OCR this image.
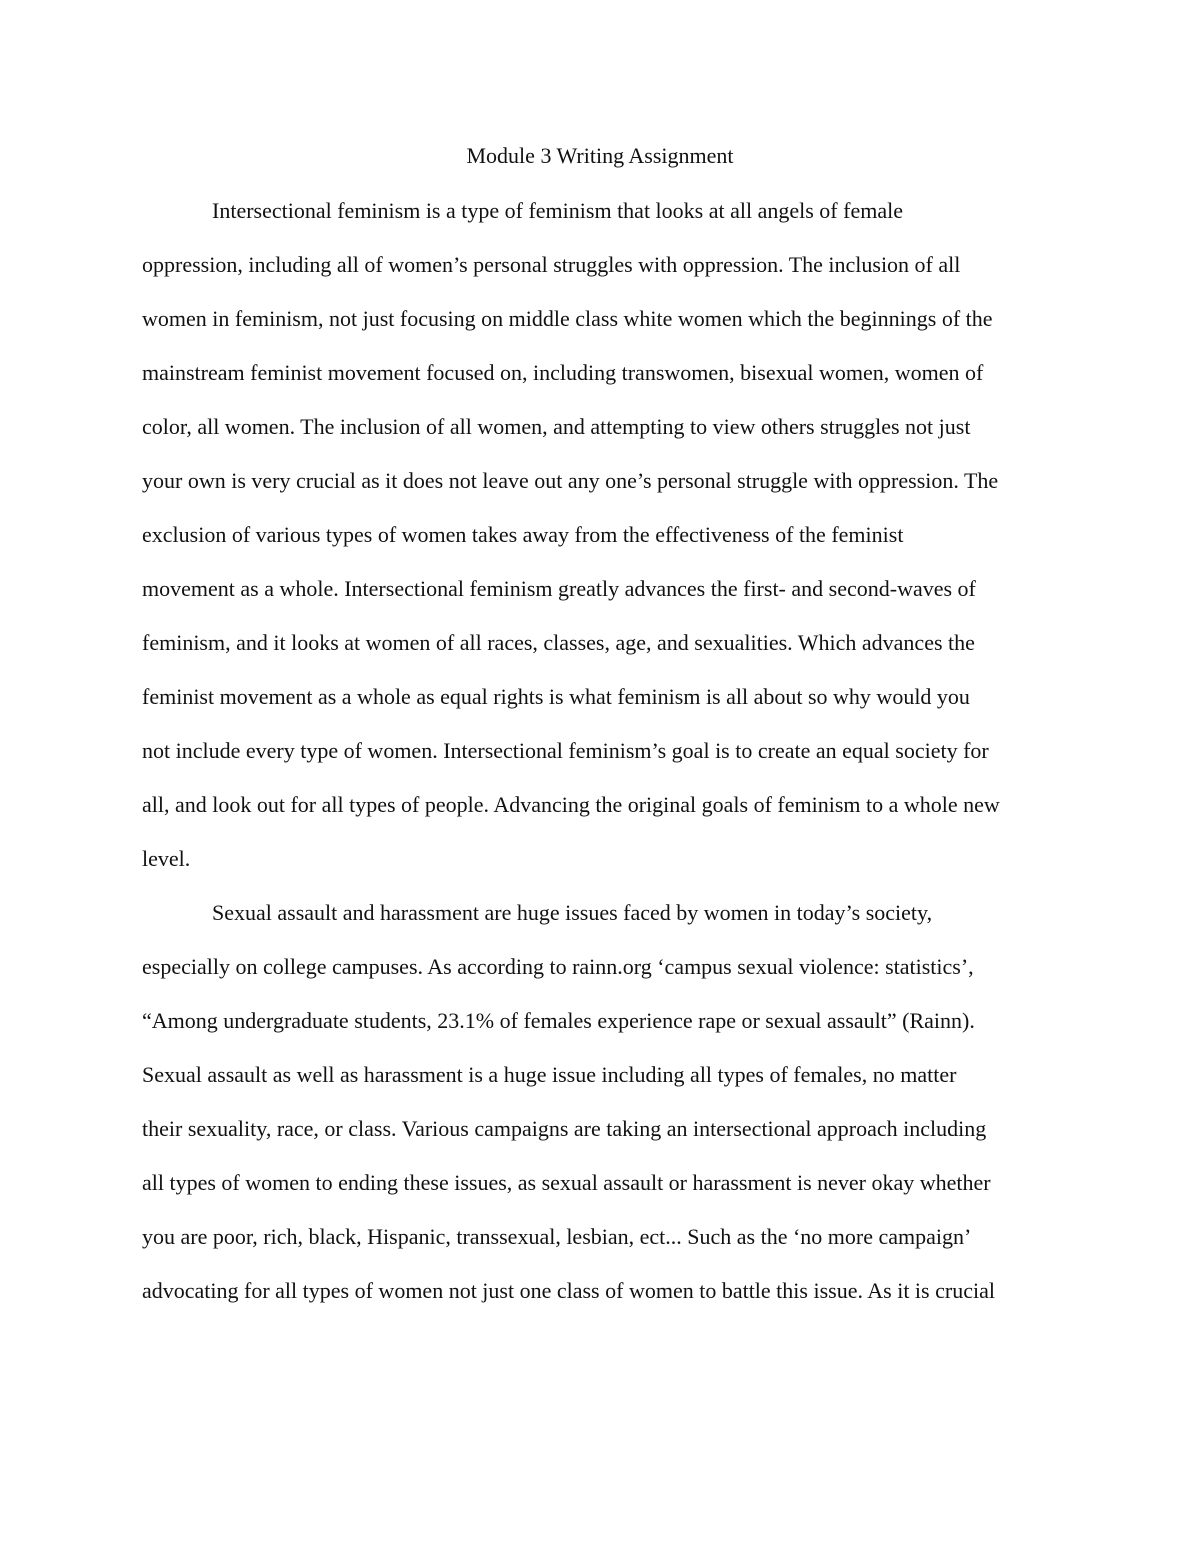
Module 3 Writing Assignment
Intersectional feminism is a type of feminism that looks at all angels of female
oppression, including all of women’s personal struggles with oppression. The inclusion of all
women in feminism, not just focusing on middle class white women which the beginnings of the
mainstream feminist movement focused on, including transwomen, bisexual women, women of
color, all women. The inclusion of all women, and attempting to view others struggles not just
your own is very crucial as it does not leave out any one’s personal struggle with oppression. The
exclusion of various types of women takes away from the effectiveness of the feminist
movement as a whole. Intersectional feminism greatly advances the first- and second-waves of
feminism, and it looks at women of all races, classes, age, and sexualities. Which advances the
feminist movement as a whole as equal rights is what feminism is all about so why would you
not include every type of women. Intersectional feminism’s goal is to create an equal society for
all, and look out for all types of people. Advancing the original goals of feminism to a whole new
level.
Sexual assault and harassment are huge issues faced by women in today’s society,
especially on college campuses. As according to rainn.org ‘campus sexual violence: statistics’,
“Among undergraduate students, 23.1% of females experience rape or sexual assault” (Rainn).
Sexual assault as well as harassment is a huge issue including all types of females, no matter
their sexuality, race, or class. Various campaigns are taking an intersectional approach including
all types of women to ending these issues, as sexual assault or harassment is never okay whether
you are poor, rich, black, Hispanic, transsexual, lesbian, ect... Such as the ‘no more campaign’
advocating for all types of women not just one class of women to battle this issue. As it is crucial
